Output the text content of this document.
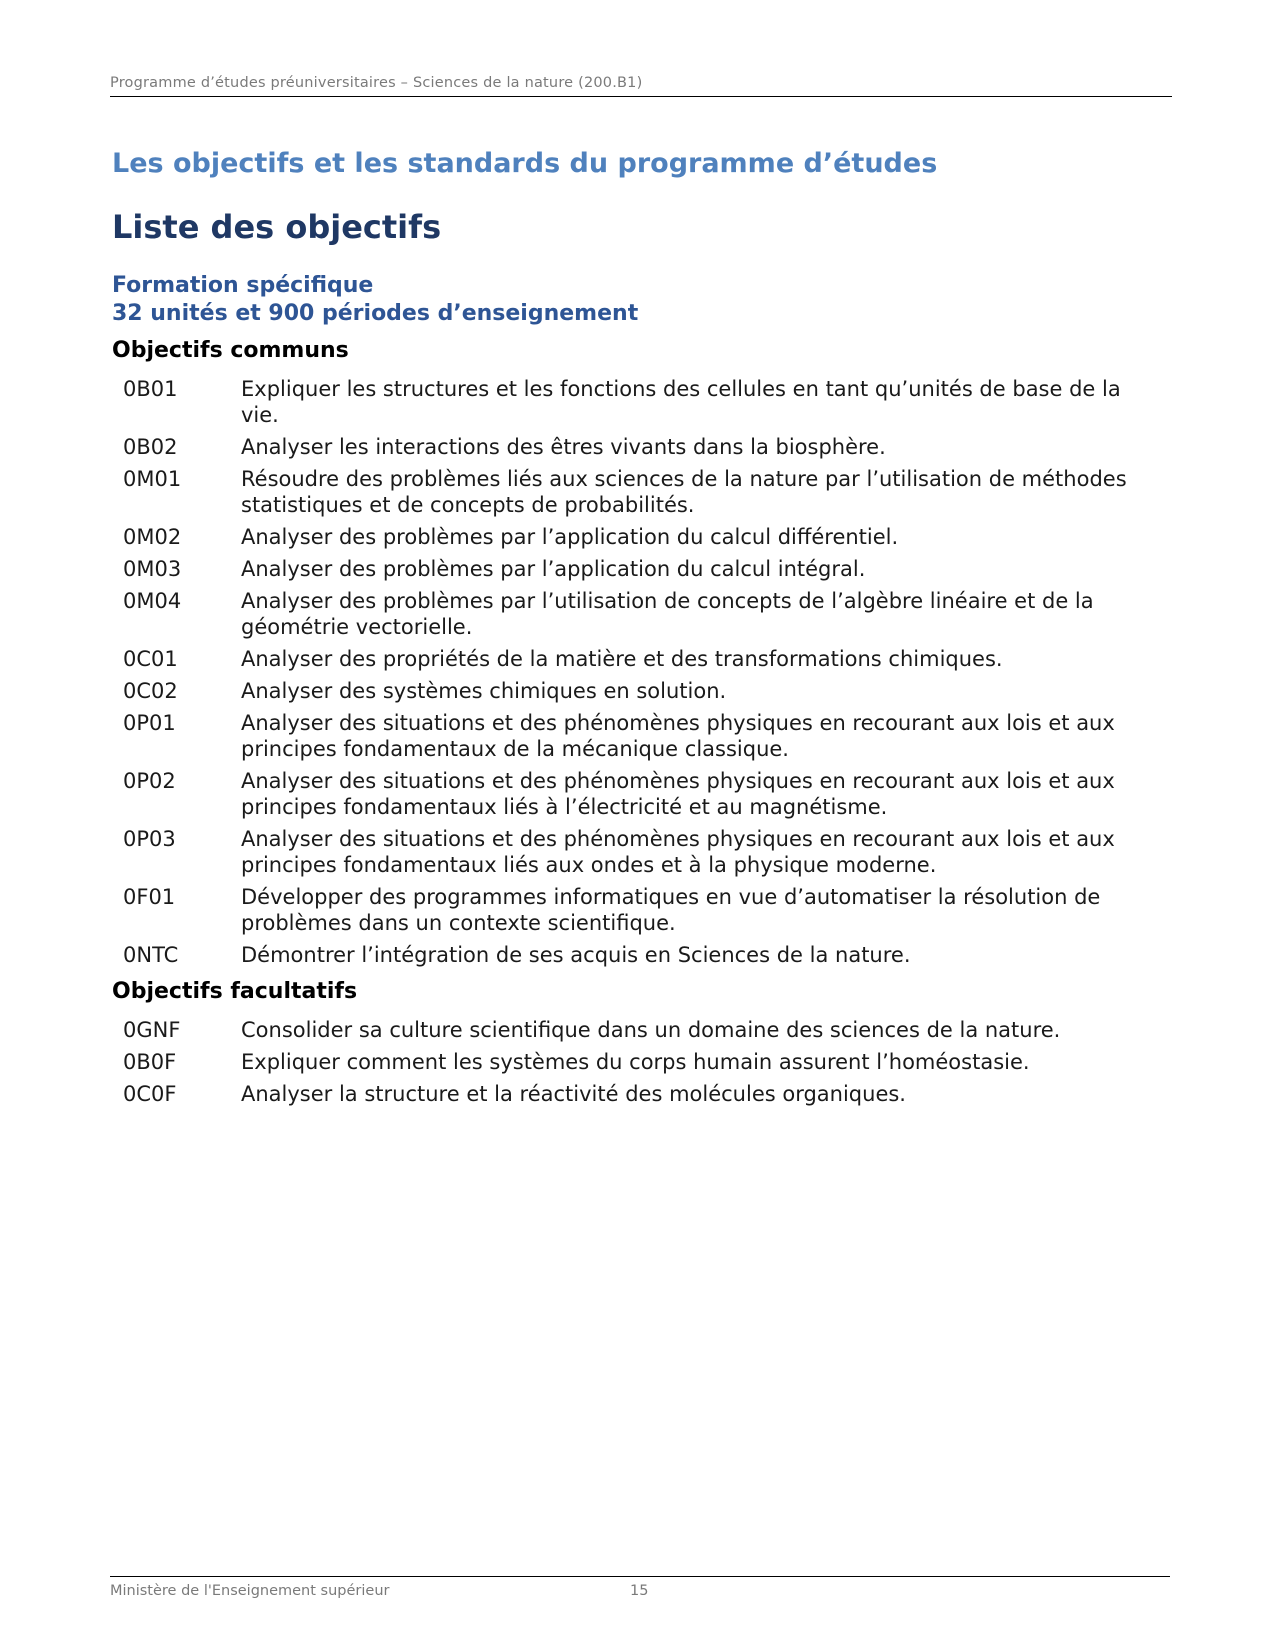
Programme d’études préuniversitaires – Sciences de la nature (200.B1)
Les objectifs et les standards du programme d’études
Liste des objectifs
Formation spécifique
32 unités et 900 périodes d’enseignement
Objectifs communs
0B01	Expliquer les structures et les fonctions des cellules en tant qu’unités de base de la vie.
0B02	Analyser les interactions des êtres vivants dans la biosphère.
0M01	Résoudre des problèmes liés aux sciences de la nature par l’utilisation de méthodes statistiques et de concepts de probabilités.
0M02	Analyser des problèmes par l’application du calcul différentiel.
0M03	Analyser des problèmes par l’application du calcul intégral.
0M04	Analyser des problèmes par l’utilisation de concepts de l’algèbre linéaire et de la géométrie vectorielle.
0C01	Analyser des propriétés de la matière et des transformations chimiques.
0C02	Analyser des systèmes chimiques en solution.
0P01	Analyser des situations et des phénomènes physiques en recourant aux lois et aux principes fondamentaux de la mécanique classique.
0P02	Analyser des situations et des phénomènes physiques en recourant aux lois et aux principes fondamentaux liés à l’électricité et au magnétisme.
0P03	Analyser des situations et des phénomènes physiques en recourant aux lois et aux principes fondamentaux liés aux ondes et à la physique moderne.
0F01	Développer des programmes informatiques en vue d’automatiser la résolution de problèmes dans un contexte scientifique.
0NTC	Démontrer l’intégration de ses acquis en Sciences de la nature.
Objectifs facultatifs
0GNF	Consolider sa culture scientifique dans un domaine des sciences de la nature.
0B0F	Expliquer comment les systèmes du corps humain assurent l’homéostasie.
0C0F	Analyser la structure et la réactivité des molécules organiques.
Ministère de l'Enseignement supérieur	15
